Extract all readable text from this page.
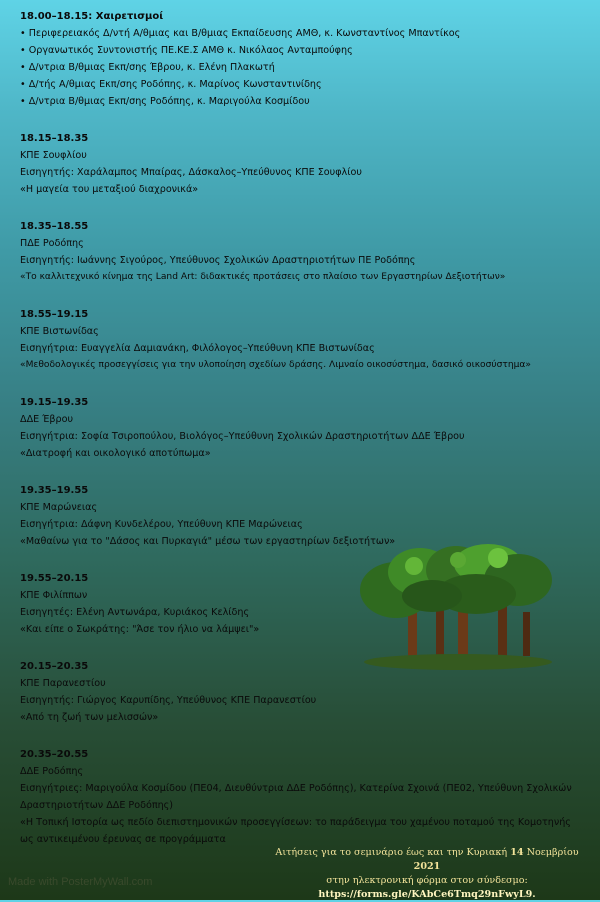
18.00–18.15: Χαιρετισμοί
• Περιφερειακός Δ/ντή Α/θμιας και Β/θμιας Εκπαίδευσης ΑΜΘ, κ. Κωνσταντίνος Μπαντίκος
• Οργανωτικός Συντονιστής ΠΕ.ΚΕ.Σ ΑΜΘ κ. Νικόλαος Ανταμπούφης
• Δ/ντρια Β/θμιας Εκπ/σης Έβρου, κ. Ελένη Πλακωτή
• Δ/τής Α/θμιας Εκπ/σης Ροδόπης, κ. Μαρίνος Κωνσταντινίδης
• Δ/ντρια Β/θμιας Εκπ/σης Ροδόπης, κ. Μαριγούλα Κοσμίδου
18.15–18.35
ΚΠΕ Σουφλίου
Εισηγητής: Χαράλαμπος Μπαίρας, Δάσκαλος–Υπεύθυνος ΚΠΕ Σουφλίου
«Η μαγεία του μεταξιού διαχρονικά»
18.35–18.55
ΠΔΕ Ροδόπης
Εισηγητής: Ιωάννης Σιγούρος, Υπεύθυνος Σχολικών Δραστηριοτήτων ΠΕ Ροδόπης
«Το καλλιτεχνικό κίνημα της Land Art: διδακτικές προτάσεις στο πλαίσιο των Εργαστηρίων Δεξιοτήτων»
18.55–19.15
ΚΠΕ Βιστωνίδας
Εισηγήτρια: Ευαγγελία Δαμιανάκη, Φιλόλογος–Υπεύθυνη ΚΠΕ Βιστωνίδας
«Μεθοδολογικές προσεγγίσεις για την υλοποίηση σχεδίων δράσης. Λιμναίο οικοσύστημα, δασικό οικοσύστημα»
19.15–19.35
ΔΔΕ Έβρου
Εισηγήτρια: Σοφία Τσιροπούλου, Βιολόγος–Υπεύθυνη Σχολικών Δραστηριοτήτων ΔΔΕ Έβρου
«Διατροφή και οικολογικό αποτύπωμα»
19.35–19.55
ΚΠΕ Μαρώνειας
Εισηγήτρια: Δάφνη Κυνδελέρου, Υπεύθυνη ΚΠΕ Μαρώνειας
«Μαθαίνω για το "Δάσος και Πυρκαγιά" μέσω των εργαστηρίων δεξιοτήτων»
19.55–20.15
ΚΠΕ Φιλίππων
Εισηγητές: Ελένη Αντωνάρα, Κυριάκος Κελίδης
«Και είπε ο Σωκράτης: "Άσε τον ήλιο να λάμψει"»
20.15–20.35
ΚΠΕ Παρανεστίου
Εισηγητής: Γιώργος Καρυπίδης, Υπεύθυνος ΚΠΕ Παρανεστίου
«Από τη ζωή των μελισσών»
20.35–20.55
ΔΔΕ Ροδόπης
Εισηγήτριες: Μαριγούλα Κοσμίδου (ΠΕ04, Διευθύντρια ΔΔΕ Ροδόπης), Κατερίνα Σχοινά (ΠΕ02, Υπεύθυνη Σχολικών Δραστηριοτήτων ΔΔΕ Ροδόπης)
«Η Τοπική Ιστορία ως πεδίο διεπιστημονικών προσεγγίσεων: το παράδειγμα του χαμένου ποταμού της Κομοτηνής ως αντικειμένου έρευνας σε προγράμματα
Αιτήσεις για το σεμινάριο έως και την Κυριακή 14 Νοεμβρίου 2021
στην ηλεκτρονική φόρμα στον σύνδεσμο:
https://forms.gle/KAbCe6Tmq29nFwyL9.
Made with PosterMyWall.com
